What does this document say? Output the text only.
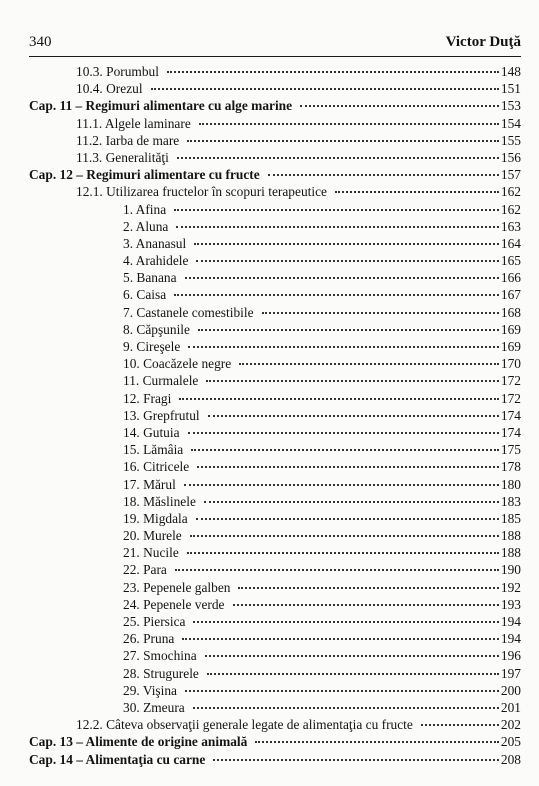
340	Victor Duţă
10.3. Porumbul	148
10.4. Orezul	151
Cap. 11 – Regimuri alimentare cu alge marine	153
11.1. Algele laminare	154
11.2. Iarba de mare	155
11.3. Generalităţi	156
Cap. 12 – Regimuri alimentare cu fructe	157
12.1. Utilizarea fructelor în scopuri terapeutice	162
1. Afina	162
2. Aluna	163
3. Ananasul	164
4. Arahidele	165
5. Banana	166
6. Caisa	167
7. Castanele comestibile	168
8. Căpşunile	169
9. Cireşele	169
10. Coacăzele negre	170
11. Curmalele	172
12. Fragi	172
13. Grepfrutul	174
14. Gutuia	174
15. Lămâia	175
16. Citricele	178
17. Mărul	180
18. Măslinele	183
19. Migdala	185
20. Murele	188
21. Nucile	188
22. Para	190
23. Pepenele galben	192
24. Pepenele verde	193
25. Piersica	194
26. Pruna	194
27. Smochina	196
28. Strugurele	197
29. Vişina	200
30. Zmeura	201
12.2. Câteva observaţii generale legate de alimentaţia cu fructe	202
Cap. 13 – Alimente de origine animală	205
Cap. 14 – Alimentaţia cu carne	208
